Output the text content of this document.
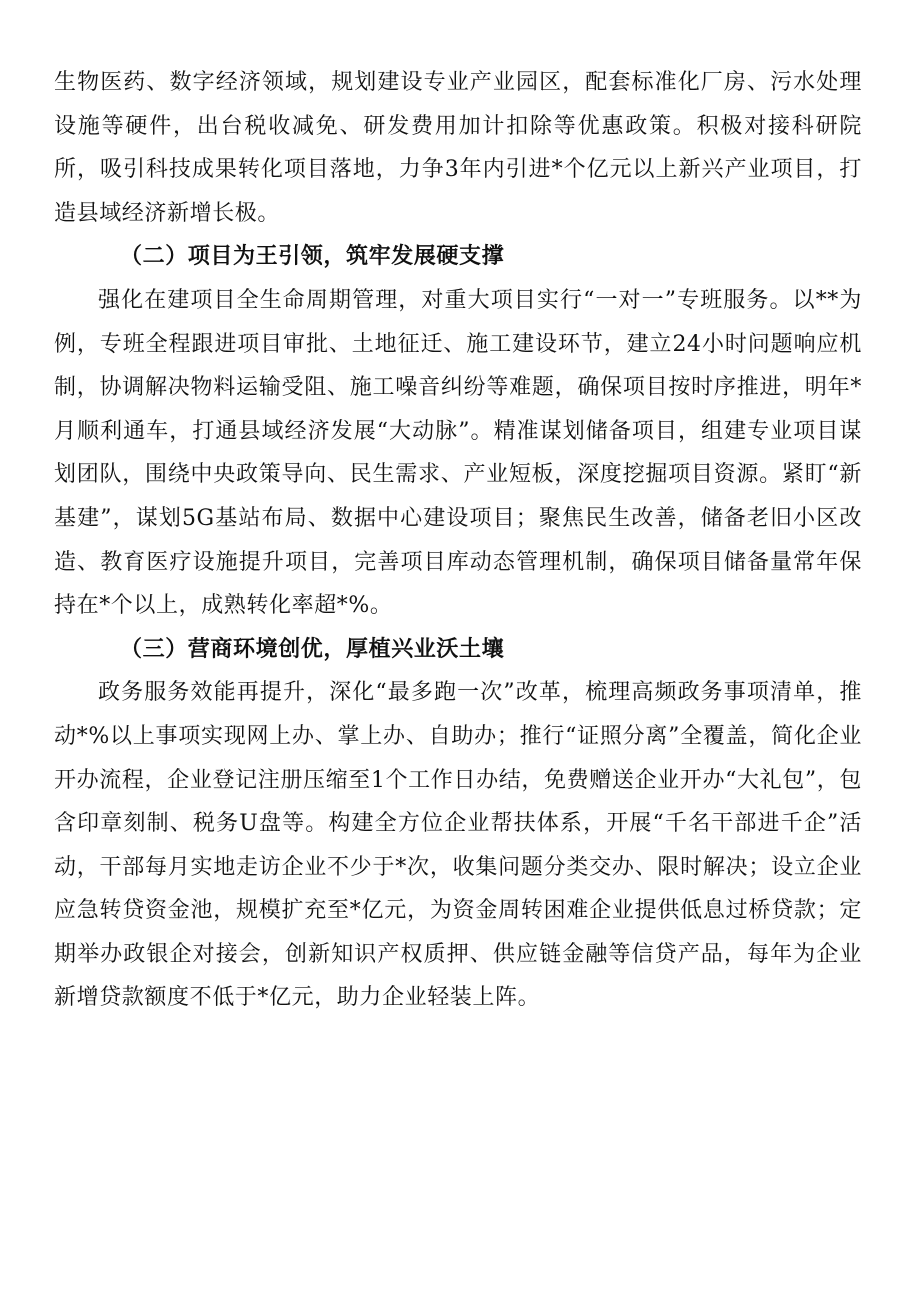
生物医药、数字经济领域，规划建设专业产业园区，配套标准化厂房、污水处理设施等硬件，出台税收减免、研发费用加计扣除等优惠政策。积极对接科研院所，吸引科技成果转化项目落地，力争3年内引进*个亿元以上新兴产业项目，打造县域经济新增长极。

（二）项目为王引领，筑牢发展硬支撑

强化在建项目全生命周期管理，对重大项目实行“一对一”专班服务。以**为例，专班全程跟进项目审批、土地征迁、施工建设环节，建立24小时问题响应机制，协调解决物料运输受阻、施工噪音纠纷等难题，确保项目按时序推进，明年*月顺利通车，打通县域经济发展“大动脉”。精准谋划储备项目，组建专业项目谋划团队，围绕中央政策导向、民生需求、产业短板，深度挖掘项目资源。紧盯“新基建”，谋划5G基站布局、数据中心建设项目；聚焦民生改善，储备老旧小区改造、教育医疗设施提升项目，完善项目库动态管理机制，确保项目储备量常年保持在*个以上，成熟转化率超*%。

（三）营商环境创优，厚植兴业沃土壤

政务服务效能再提升，深化“最多跑一次”改革，梳理高频政务事项清单，推动*%以上事项实现网上办、掌上办、自助办；推行“证照分离”全覆盖，简化企业开办流程，企业登记注册压缩至1个工作日办结，免费赠送企业开办“大礼包”，包含印章刻制、税务U盘等。构建全方位企业帮扶体系，开展“千名干部进千企”活动，干部每月实地走访企业不少于*次，收集问题分类交办、限时解决；设立企业应急转贷资金池，规模扩充至*亿元，为资金周转困难企业提供低息过桥贷款；定期举办政银企对接会，创新知识产权质押、供应链金融等信贷产品，每年为企业新增贷款额度不低于*亿元，助力企业轻装上阵。
